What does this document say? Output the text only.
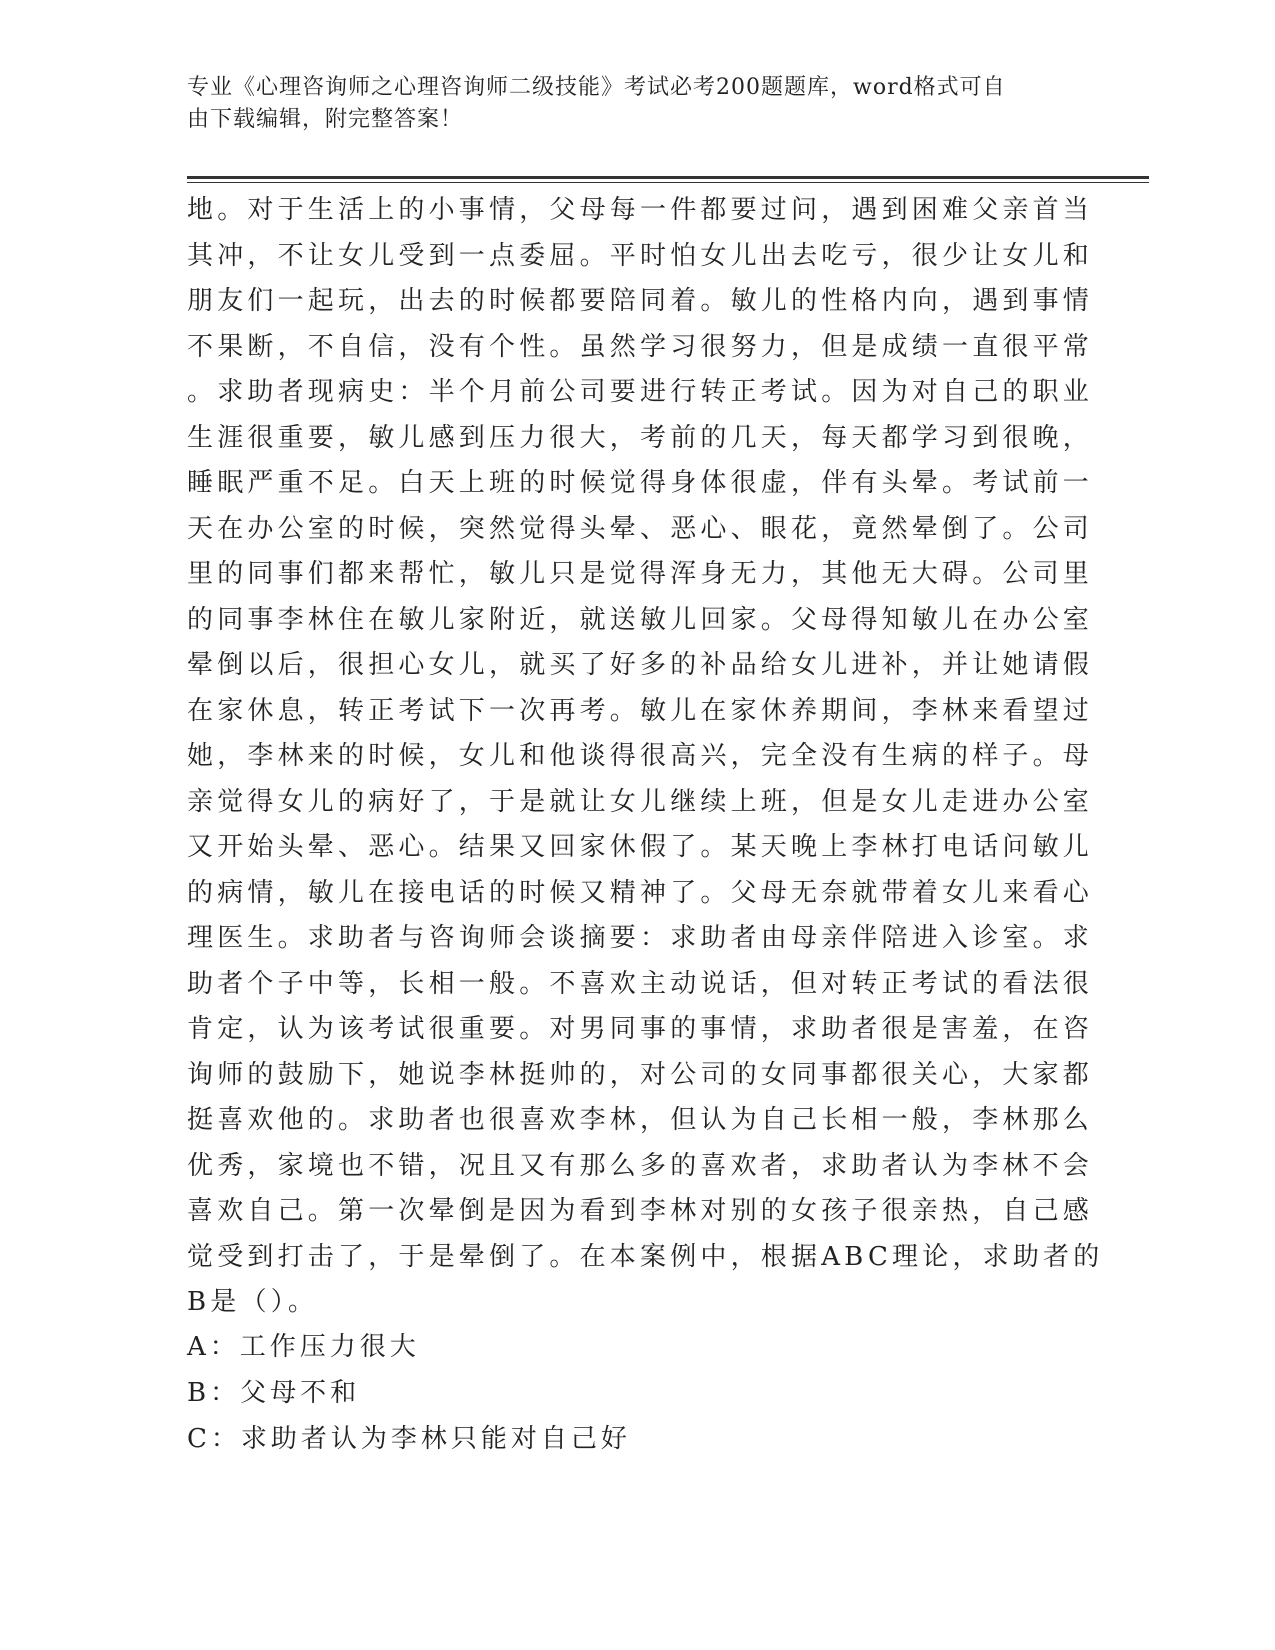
专业《心理咨询师之心理咨询师二级技能》考试必考200题题库，word格式可自
由下载编辑，附完整答案！
地。对于生活上的小事情，父母每一件都要过问，遇到困难父亲首当
其冲，不让女儿受到一点委屈。平时怕女儿出去吃亏，很少让女儿和
朋友们一起玩，出去的时候都要陪同着。敏儿的性格内向，遇到事情
不果断，不自信，没有个性。虽然学习很努力，但是成绩一直很平常
。求助者现病史：半个月前公司要进行转正考试。因为对自己的职业
生涯很重要，敏儿感到压力很大，考前的几天，每天都学习到很晚，
睡眠严重不足。白天上班的时候觉得身体很虚，伴有头晕。考试前一
天在办公室的时候，突然觉得头晕、恶心、眼花，竟然晕倒了。公司
里的同事们都来帮忙，敏儿只是觉得浑身无力，其他无大碍。公司里
的同事李林住在敏儿家附近，就送敏儿回家。父母得知敏儿在办公室
晕倒以后，很担心女儿，就买了好多的补品给女儿进补，并让她请假
在家休息，转正考试下一次再考。敏儿在家休养期间，李林来看望过
她，李林来的时候，女儿和他谈得很高兴，完全没有生病的样子。母
亲觉得女儿的病好了，于是就让女儿继续上班，但是女儿走进办公室
又开始头晕、恶心。结果又回家休假了。某天晚上李林打电话问敏儿
的病情，敏儿在接电话的时候又精神了。父母无奈就带着女儿来看心
理医生。求助者与咨询师会谈摘要：求助者由母亲伴陪进入诊室。求
助者个子中等，长相一般。不喜欢主动说话，但对转正考试的看法很
肯定，认为该考试很重要。对男同事的事情，求助者很是害羞，在咨
询师的鼓励下，她说李林挺帅的，对公司的女同事都很关心，大家都
挺喜欢他的。求助者也很喜欢李林，但认为自己长相一般，李林那么
优秀，家境也不错，况且又有那么多的喜欢者，求助者认为李林不会
喜欢自己。第一次晕倒是因为看到李林对别的女孩子很亲热，自己感
觉受到打击了，于是晕倒了。在本案例中，根据ABC理论，求助者的
B是（）。
A：工作压力很大
B：父母不和
C：求助者认为李林只能对自己好
